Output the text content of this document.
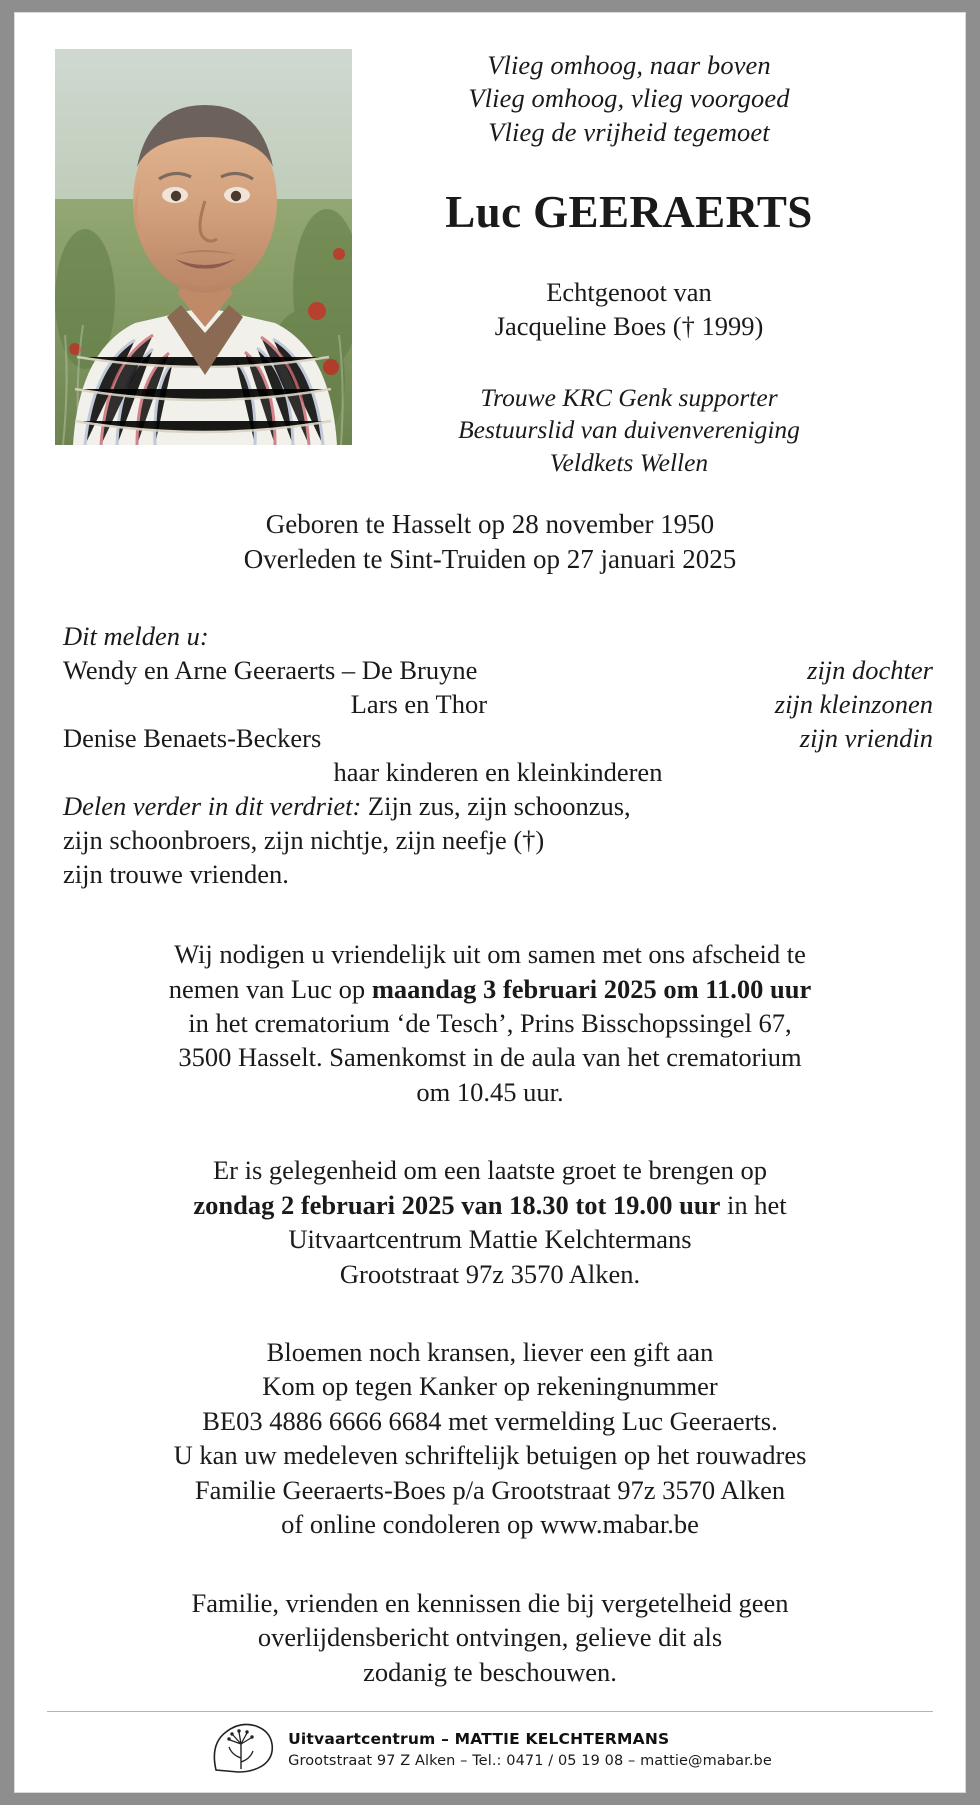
Vlieg omhoog, naar boven
Vlieg omhoog, vlieg voorgoed
Vlieg de vrijheid tegemoet
Luc GEERAERTS
Echtgenoot van
Jacqueline Boes († 1999)
Trouwe KRC Genk supporter
Bestuurslid van duivenvereniging
Veldkets Wellen
Geboren te Hasselt op 28 november 1950
Overleden te Sint-Truiden op 27 januari 2025
Dit melden u:
Wendy en Arne Geeraerts – De Bruyne	zijn dochter
Lars en Thor	zijn kleinzonen
Denise Benaets-Beckers	zijn vriendin
haar kinderen en kleinkinderen
Delen verder in dit verdriet: Zijn zus, zijn schoonzus,
zijn schoonbroers, zijn nichtje, zijn neefje (†)
zijn trouwe vrienden.
Wij nodigen u vriendelijk uit om samen met ons afscheid te
nemen van Luc op maandag 3 februari 2025 om 11.00 uur
in het crematorium ‘de Tesch’, Prins Bisschopssingel 67,
3500 Hasselt. Samenkomst in de aula van het crematorium
om 10.45 uur.
Er is gelegenheid om een laatste groet te brengen op
zondag 2 februari 2025 van 18.30 tot 19.00 uur in het
Uitvaartcentrum Mattie Kelchtermans
Grootstraat 97z 3570 Alken.
Bloemen noch kransen, liever een gift aan
Kom op tegen Kanker op rekeningnummer
BE03 4886 6666 6684 met vermelding Luc Geeraerts.
U kan uw medeleven schriftelijk betuigen op het rouwadres
Familie Geeraerts-Boes p/a Grootstraat 97z 3570 Alken
of online condoleren op www.mabar.be
Familie, vrienden en kennissen die bij vergetelheid geen
overlijdensbericht ontvingen, gelieve dit als
zodanig te beschouwen.
Uitvaartcentrum – MATTIE KELCHTERMANS
Grootstraat 97 Z Alken – Tel.: 0471 / 05 19 08 – mattie@mabar.be
